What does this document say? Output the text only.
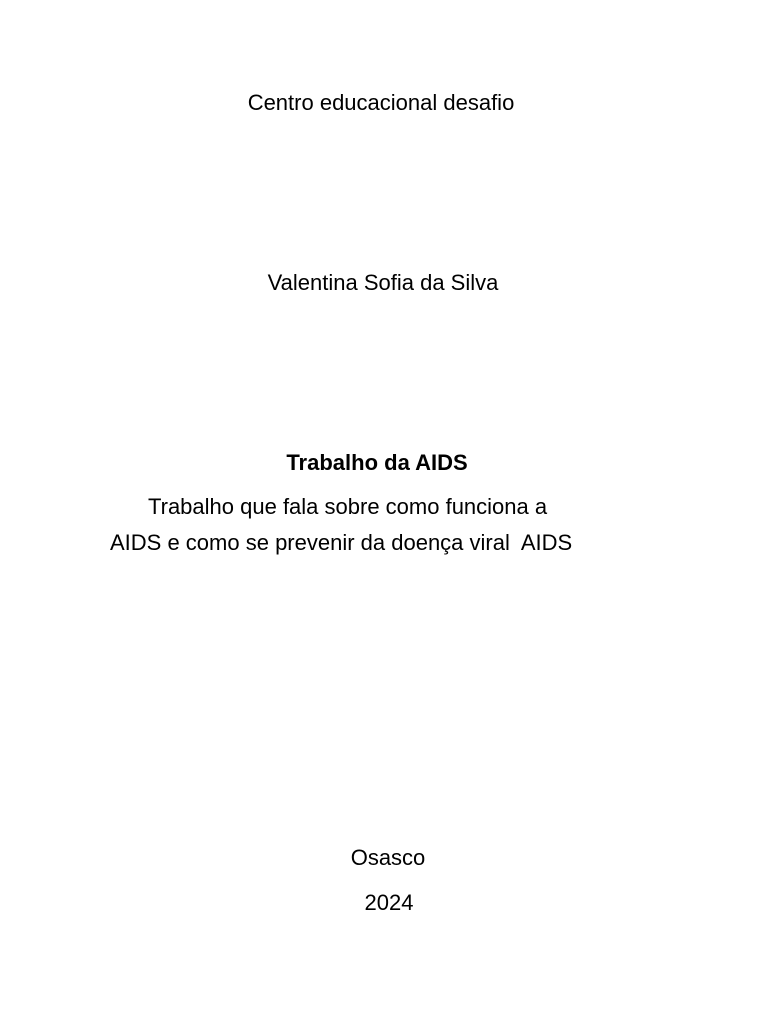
Centro educacional desafio
Valentina Sofia da Silva
Trabalho da AIDS
Trabalho que fala sobre como funciona a
AIDS e como se prevenir da doença viral  AIDS
Osasco
2024
